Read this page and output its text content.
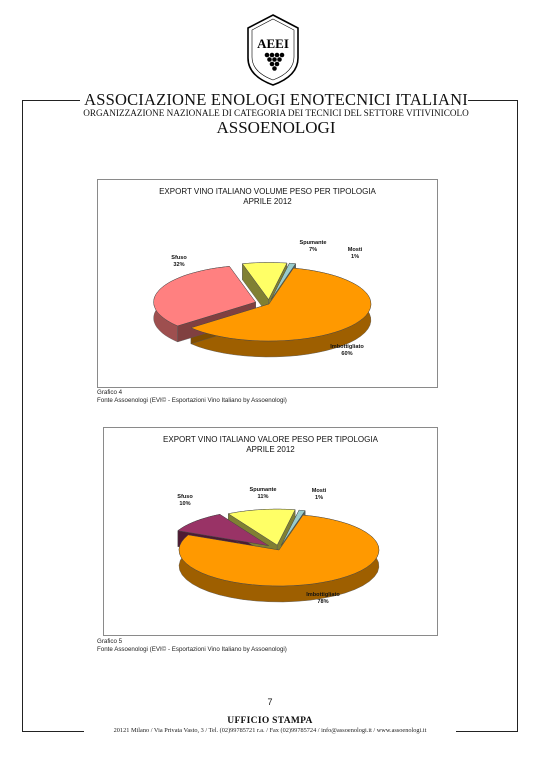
AEEI
ASSOCIAZIONE ENOLOGI ENOTECNICI ITALIANI
ORGANIZZAZIONE NAZIONALE DI CATEGORIA DEI TECNICI DEL SETTORE VITIVINICOLO
ASSOENOLOGI
EXPORT VINO ITALIANO VOLUME PESO PER TIPOLOGIA
APRILE 2012
Imbottigliato
60%
Sfuso
32%
Spumante
7%	Mosti
1%
Grafico 4
Fonte Assoenologi (EVI© - Esportazioni Vino Italiano by Assoenologi)
EXPORT VINO ITALIANO VALORE PESO PER TIPOLOGIA
APRILE 2012
Imbottigliato
78%
Sfuso
10%
Spumante
11%
Mosti
1%
Grafico 5
Fonte Assoenologi (EVI© - Esportazioni Vino Italiano by Assoenologi)
7
UFFICIO STAMPA
20121 Milano / Via Privata Vasto, 3 / Tel. (02)99785721 r.a. / Fax (02)99785724 / info@assoenologi.it / www.assoenologi.it
